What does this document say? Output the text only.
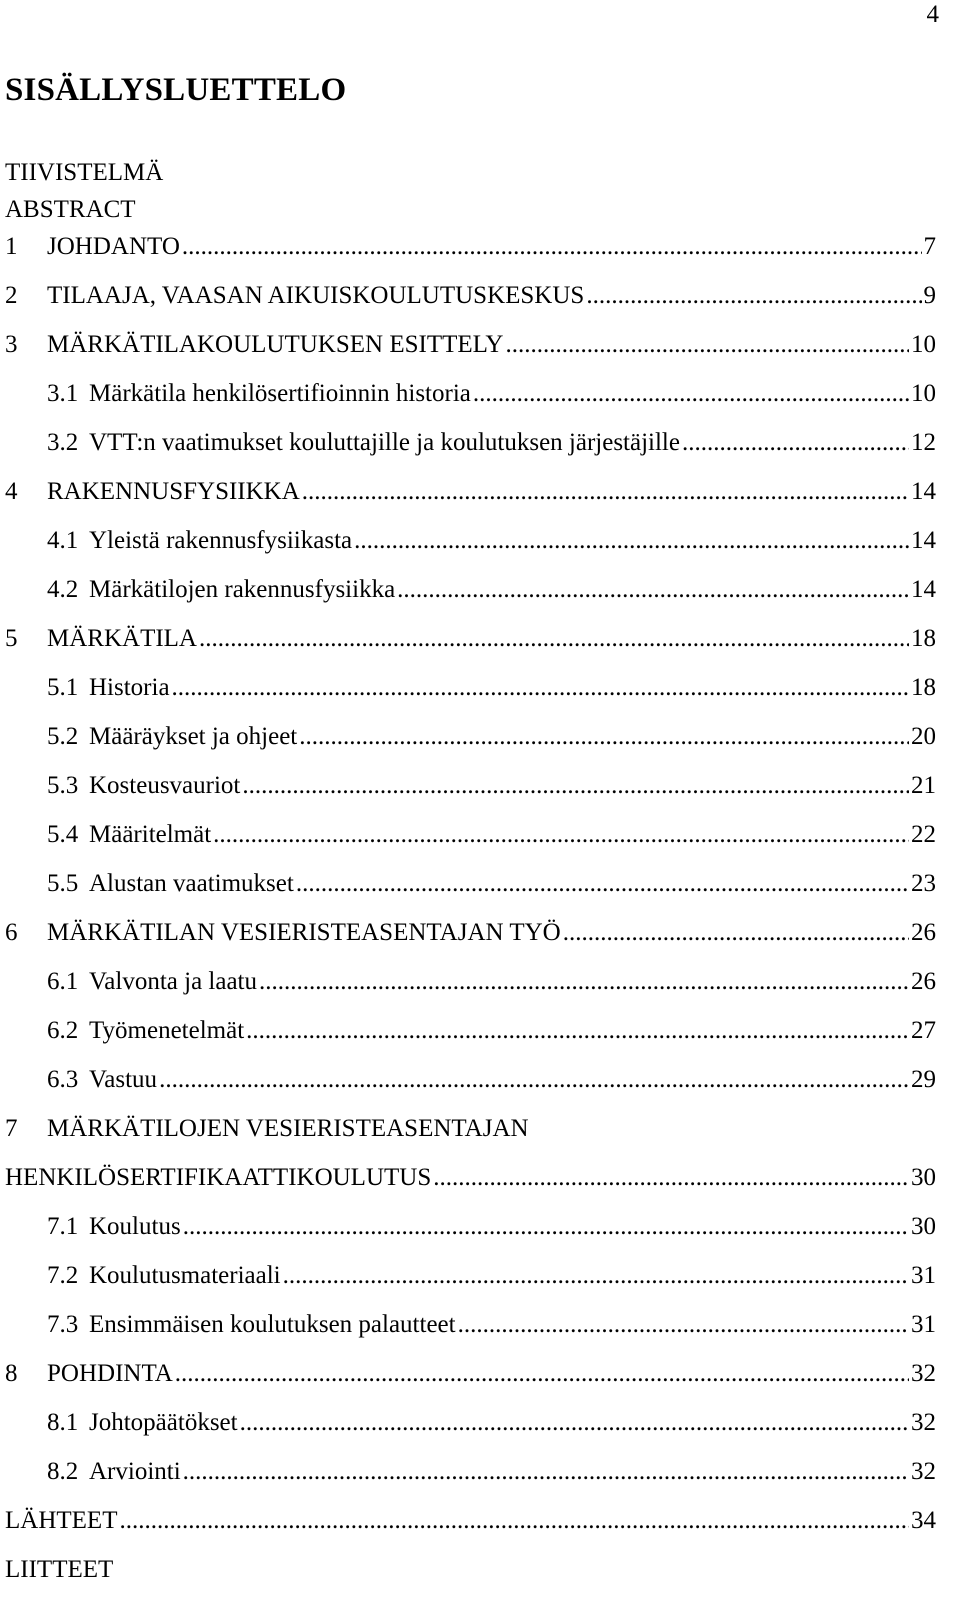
4
SISÄLLYSLUETTELO
TIIVISTELMÄ
ABSTRACT
1	JOHDANTO .....	7
2	TILAAJA, VAASAN AIKUISKOULUTUSKESKUS .....	9
3	MÄRKÄTILAKOULUTUKSEN ESITTELY .....	10
3.1 Märkätila henkilösertifioinnin historia .....	10
3.2 VTT:n vaatimukset kouluttajille ja koulutuksen järjestäjille .....	12
4	RAKENNUSFYSIIKKA .....	14
4.1 Yleistä rakennusfysiikasta .....	14
4.2 Märkätilojen rakennusfysiikka .....	14
5	MÄRKÄTILA .....	18
5.1 Historia .....	18
5.2 Määräykset ja ohjeet .....	20
5.3 Kosteusvauriot .....	21
5.4 Määritelmät .....	22
5.5 Alustan vaatimukset .....	23
6	MÄRKÄTILAN VESIERISTEASENTAJAN TYÖ .....	26
6.1 Valvonta ja laatu .....	26
6.2 Työmenetelmät .....	27
6.3 Vastuu .....	29
7	MÄRKÄTILOJEN VESIERISTEASENTAJAN
HENKILÖSERTIFIKAATTIKOULUTUS .....	30
7.1 Koulutus .....	30
7.2 Koulutusmateriaali .....	31
7.3 Ensimmäisen koulutuksen palautteet .....	31
8	POHDINTA .....	32
8.1 Johtopäätökset .....	32
8.2 Arviointi .....	32
LÄHTEET .....	34
LIITTEET
